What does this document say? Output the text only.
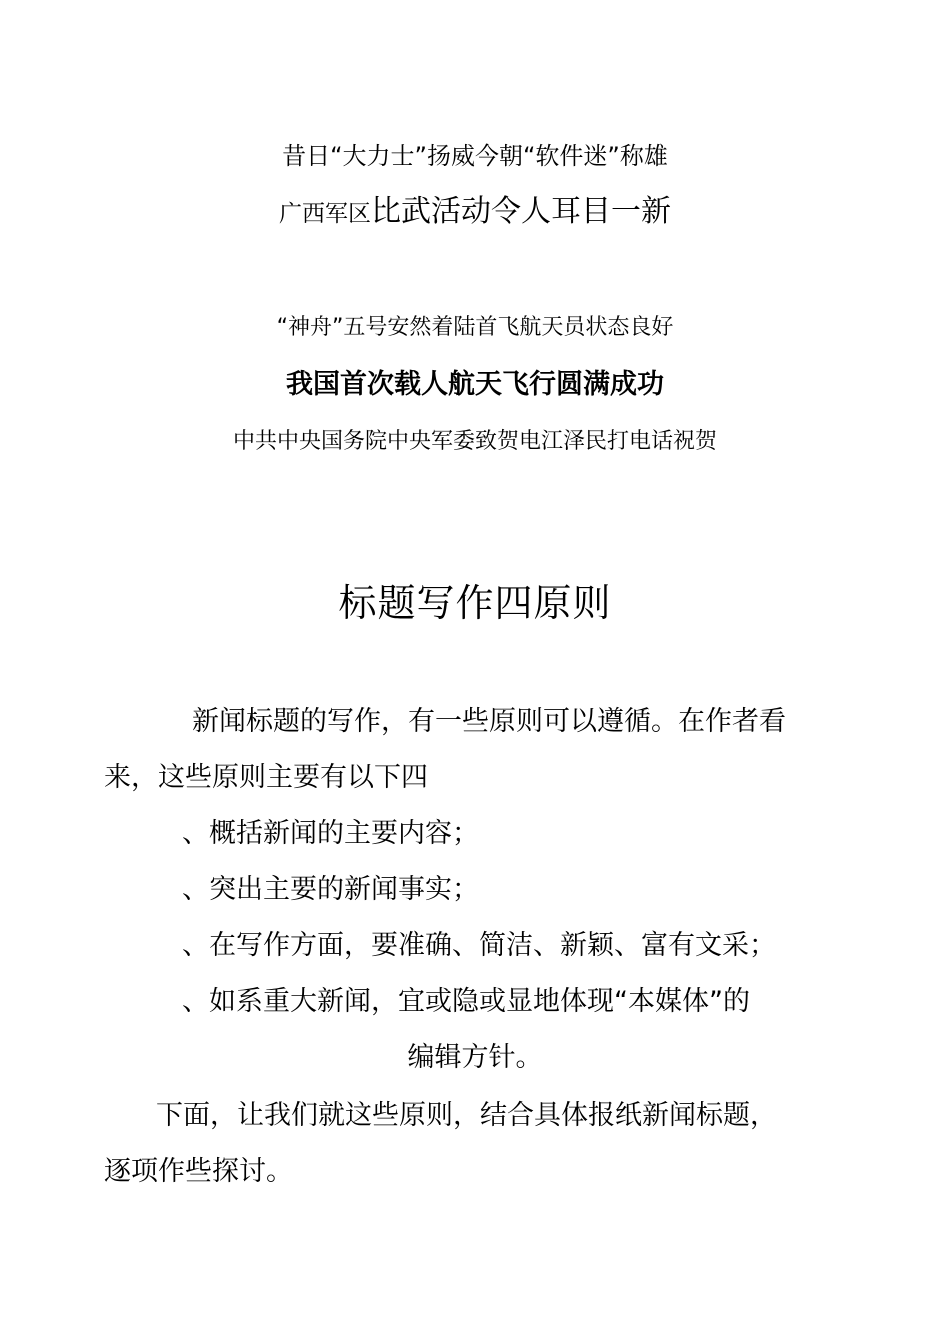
昔日“大力士”扬威今朝“软件迷”称雄
广西军区比武活动令人耳目一新
“神舟”五号安然着陆首飞航天员状态良好
我国首次载人航天飞行圆满成功
中共中央国务院中央军委致贺电江泽民打电话祝贺
标题写作四原则
新闻标题的写作，有一些原则可以遵循。在作者看
来，这些原则主要有以下四
、概括新闻的主要内容；
、突出主要的新闻事实；
、在写作方面，要准确、简洁、新颖、富有文采；
、如系重大新闻，宜或隐或显地体现“本媒体”的
编辑方针。
下面，让我们就这些原则，结合具体报纸新闻标题，
逐项作些探讨。
